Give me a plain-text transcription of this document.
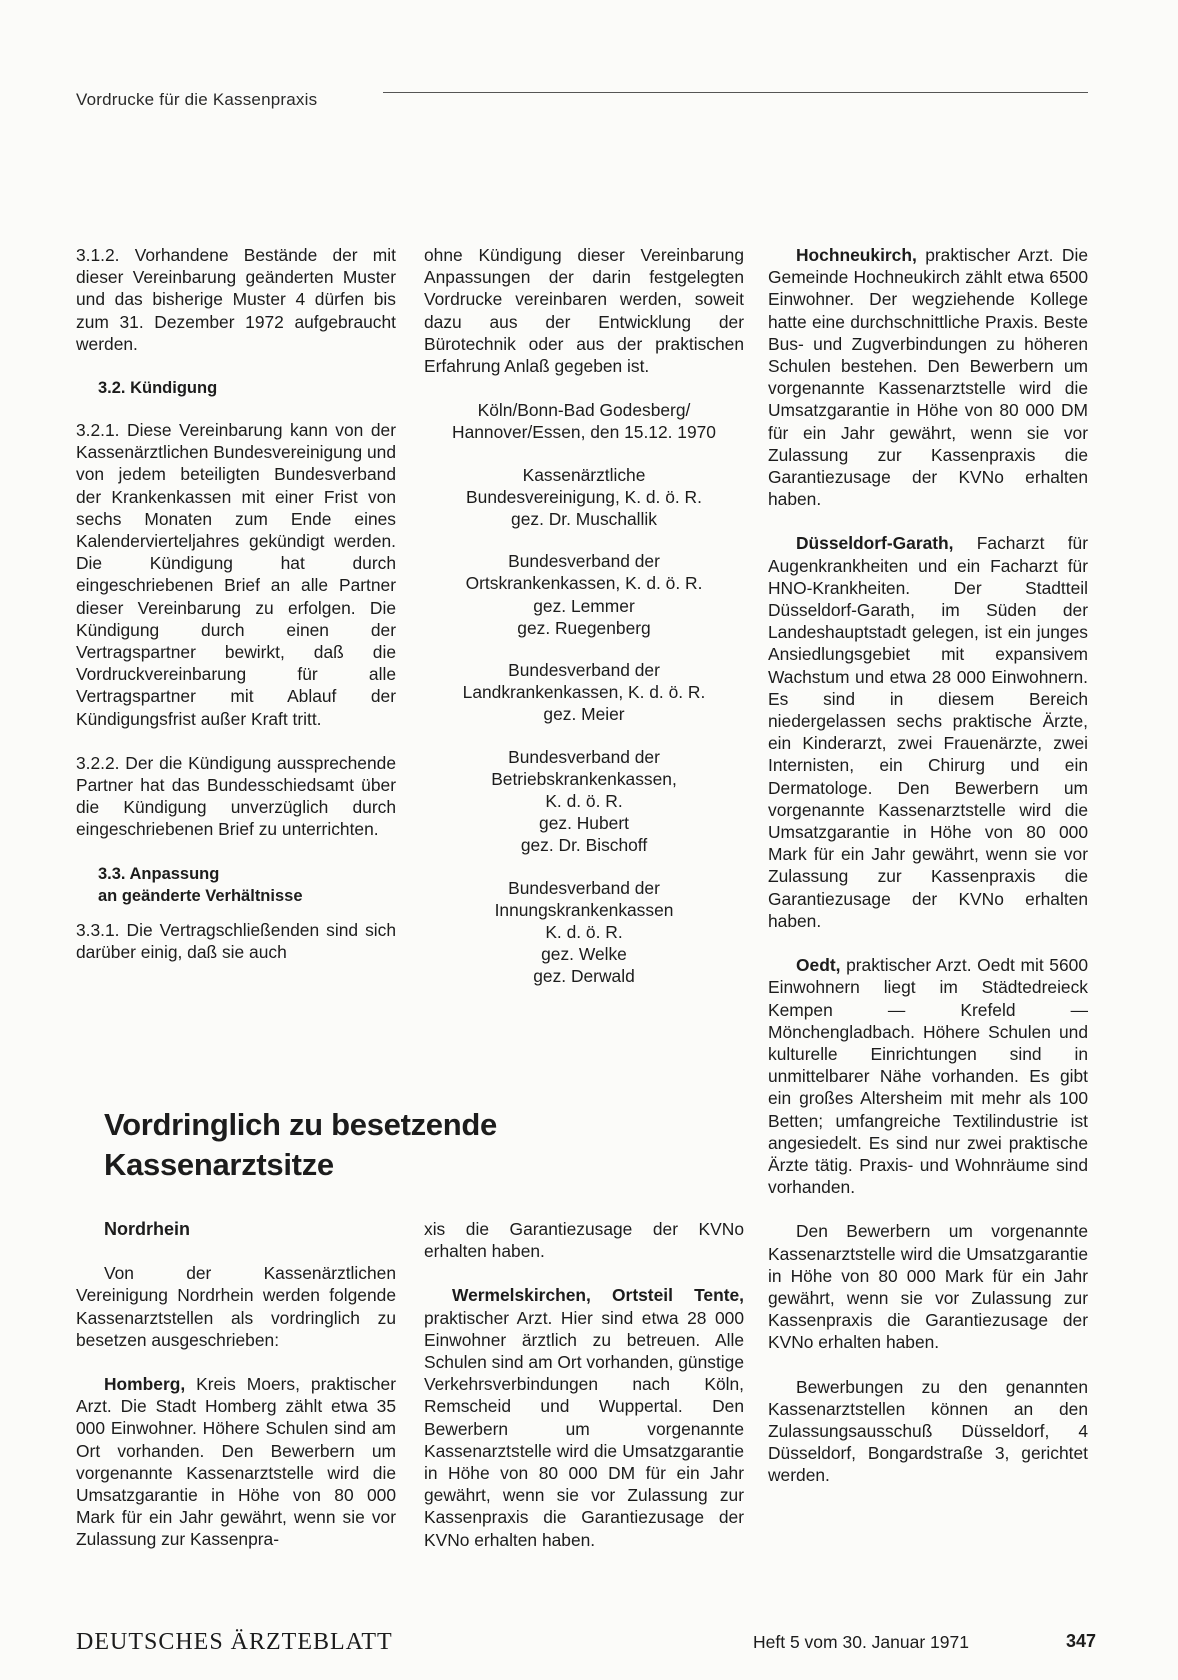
Vordrucke für die Kassenpraxis

3.1.2. Vorhandene Bestände der mit dieser Vereinbarung geänderten Muster und das bisherige Muster 4 dürfen bis zum 31. Dezember 1972 aufgebraucht werden.

3.2. Kündigung

3.2.1. Diese Vereinbarung kann von der Kassenärztlichen Bundesvereinigung und von jedem beteiligten Bundesverband der Krankenkassen mit einer Frist von sechs Monaten zum Ende eines Kalendervierteljahres gekündigt werden. Die Kündigung hat durch eingeschriebenen Brief an alle Partner dieser Vereinbarung zu erfolgen. Die Kündigung durch einen der Vertragspartner bewirkt, daß die Vordruckvereinbarung für alle Vertragspartner mit Ablauf der Kündigungsfrist außer Kraft tritt.

3.2.2. Der die Kündigung aussprechende Partner hat das Bundesschiedsamt über die Kündigung unverzüglich durch eingeschriebenen Brief zu unterrichten.

3.3. Anpassung
an geänderte Verhältnisse

3.3.1. Die Vertragschließenden sind sich darüber einig, daß sie auch

ohne Kündigung dieser Vereinbarung Anpassungen der darin festgelegten Vordrucke vereinbaren werden, soweit dazu aus der Entwicklung der Bürotechnik oder aus der praktischen Erfahrung Anlaß gegeben ist.

Köln/Bonn-Bad Godesberg/
Hannover/Essen, den 15.12. 1970
Kassenärztliche
Bundesvereinigung, K. d. ö. R.
gez. Dr. Muschallik
Bundesverband der
Ortskrankenkassen, K. d. ö. R.
gez. Lemmer
gez. Ruegenberg
Bundesverband der
Landkrankenkassen, K. d. ö. R.
gez. Meier
Bundesverband der
Betriebskrankenkassen,
K. d. ö. R.
gez. Hubert
gez. Dr. Bischoff
Bundesverband der
Innungskrankenkassen
K. d. ö. R.
gez. Welke
gez. Derwald

Hochneukirch, praktischer Arzt. Die Gemeinde Hochneukirch zählt etwa 6500 Einwohner. Der wegziehende Kollege hatte eine durchschnittliche Praxis. Beste Bus- und Zugverbindungen zu höheren Schulen bestehen. Den Bewerbern um vorgenannte Kassenarztstelle wird die Umsatzgarantie in Höhe von 80 000 DM für ein Jahr gewährt, wenn sie vor Zulassung zur Kassenpraxis die Garantiezusage der KVNo erhalten haben.

Düsseldorf-Garath, Facharzt für Augenkrankheiten und ein Facharzt für HNO-Krankheiten. Der Stadtteil Düsseldorf-Garath, im Süden der Landeshauptstadt gelegen, ist ein junges Ansiedlungsgebiet mit expansivem Wachstum und etwa 28 000 Einwohnern. Es sind in diesem Bereich niedergelassen sechs praktische Ärzte, ein Kinderarzt, zwei Frauenärzte, zwei Internisten, ein Chirurg und ein Dermatologe. Den Bewerbern um vorgenannte Kassenarztstelle wird die Umsatzgarantie in Höhe von 80 000 Mark für ein Jahr gewährt, wenn sie vor Zulassung zur Kassenpraxis die Garantiezusage der KVNo erhalten haben.

Oedt, praktischer Arzt. Oedt mit 5600 Einwohnern liegt im Städtedreieck Kempen — Krefeld — Mönchengladbach. Höhere Schulen und kulturelle Einrichtungen sind in unmittelbarer Nähe vorhanden. Es gibt ein großes Altersheim mit mehr als 100 Betten; umfangreiche Textilindustrie ist angesiedelt. Es sind nur zwei praktische Ärzte tätig. Praxis- und Wohnräume sind vorhanden.

Den Bewerbern um vorgenannte Kassenarztstelle wird die Umsatzgarantie in Höhe von 80 000 Mark für ein Jahr gewährt, wenn sie vor Zulassung zur Kassenpraxis die Garantiezusage der KVNo erhalten haben.

Bewerbungen zu den genannten Kassenarztstellen können an den Zulassungsausschuß Düsseldorf, 4 Düsseldorf, Bongardstraße 3, gerichtet werden.

Vordringlich zu besetzende
Kassenarztsitze
Nordrhein

Von der Kassenärztlichen Vereinigung Nordrhein werden folgende Kassenarztstellen als vordringlich zu besetzen ausgeschrieben:

Homberg, Kreis Moers, praktischer Arzt. Die Stadt Homberg zählt etwa 35 000 Einwohner. Höhere Schulen sind am Ort vorhanden. Den Bewerbern um vorgenannte Kassenarztstelle wird die Umsatzgarantie in Höhe von 80 000 Mark für ein Jahr gewährt, wenn sie vor Zulassung zur Kassenpra-

xis die Garantiezusage der KVNo erhalten haben.

Wermelskirchen, Ortsteil Tente, praktischer Arzt. Hier sind etwa 28 000 Einwohner ärztlich zu betreuen. Alle Schulen sind am Ort vorhanden, günstige Verkehrsverbindungen nach Köln, Remscheid und Wuppertal. Den Bewerbern um vorgenannte Kassenarztstelle wird die Umsatzgarantie in Höhe von 80 000 DM für ein Jahr gewährt, wenn sie vor Zulassung zur Kassenpraxis die Garantiezusage der KVNo erhalten haben.

DEUTSCHES ÄRZTEBLATT	Heft 5 vom 30. Januar 1971	347
